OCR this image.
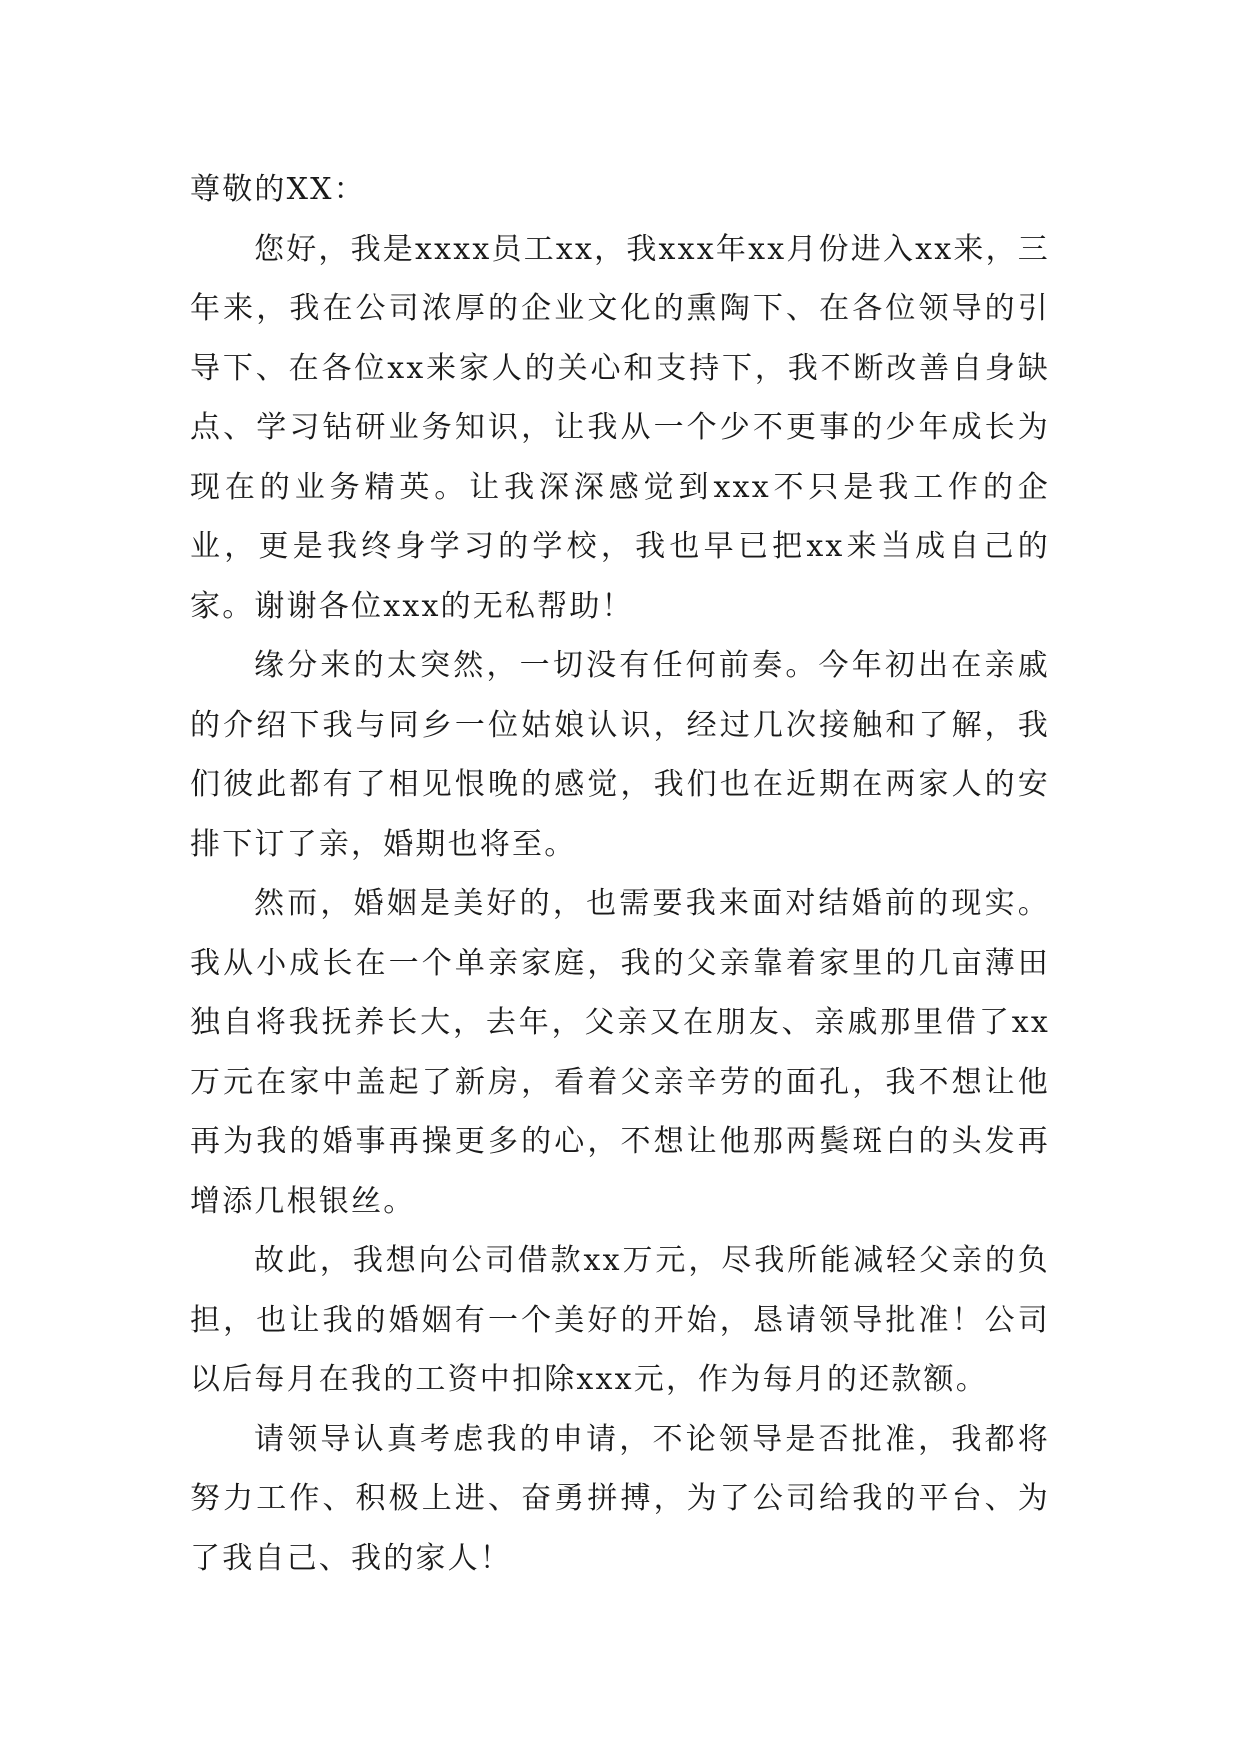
尊敬的XX：

您好，我是xxxx员工xx，我xxx年xx月份进入xx来，三年来，我在公司浓厚的企业文化的熏陶下、在各位领导的引导下、在各位xx来家人的关心和支持下，我不断改善自身缺点、学习钻研业务知识，让我从一个少不更事的少年成长为现在的业务精英。让我深深感觉到xxx不只是我工作的企业，更是我终身学习的学校，我也早已把xx来当成自己的家。谢谢各位xxx的无私帮助！

缘分来的太突然，一切没有任何前奏。今年初出在亲戚的介绍下我与同乡一位姑娘认识，经过几次接触和了解，我们彼此都有了相见恨晚的感觉，我们也在近期在两家人的安排下订了亲，婚期也将至。

然而，婚姻是美好的，也需要我来面对结婚前的现实。我从小成长在一个单亲家庭，我的父亲靠着家里的几亩薄田独自将我抚养长大，去年，父亲又在朋友、亲戚那里借了xx万元在家中盖起了新房，看着父亲辛劳的面孔，我不想让他再为我的婚事再操更多的心，不想让他那两鬓斑白的头发再增添几根银丝。

故此，我想向公司借款xx万元，尽我所能减轻父亲的负担，也让我的婚姻有一个美好的开始，恳请领导批准！公司以后每月在我的工资中扣除xxx元，作为每月的还款额。

请领导认真考虑我的申请，不论领导是否批准，我都将努力工作、积极上进、奋勇拼搏，为了公司给我的平台、为了我自己、我的家人！
